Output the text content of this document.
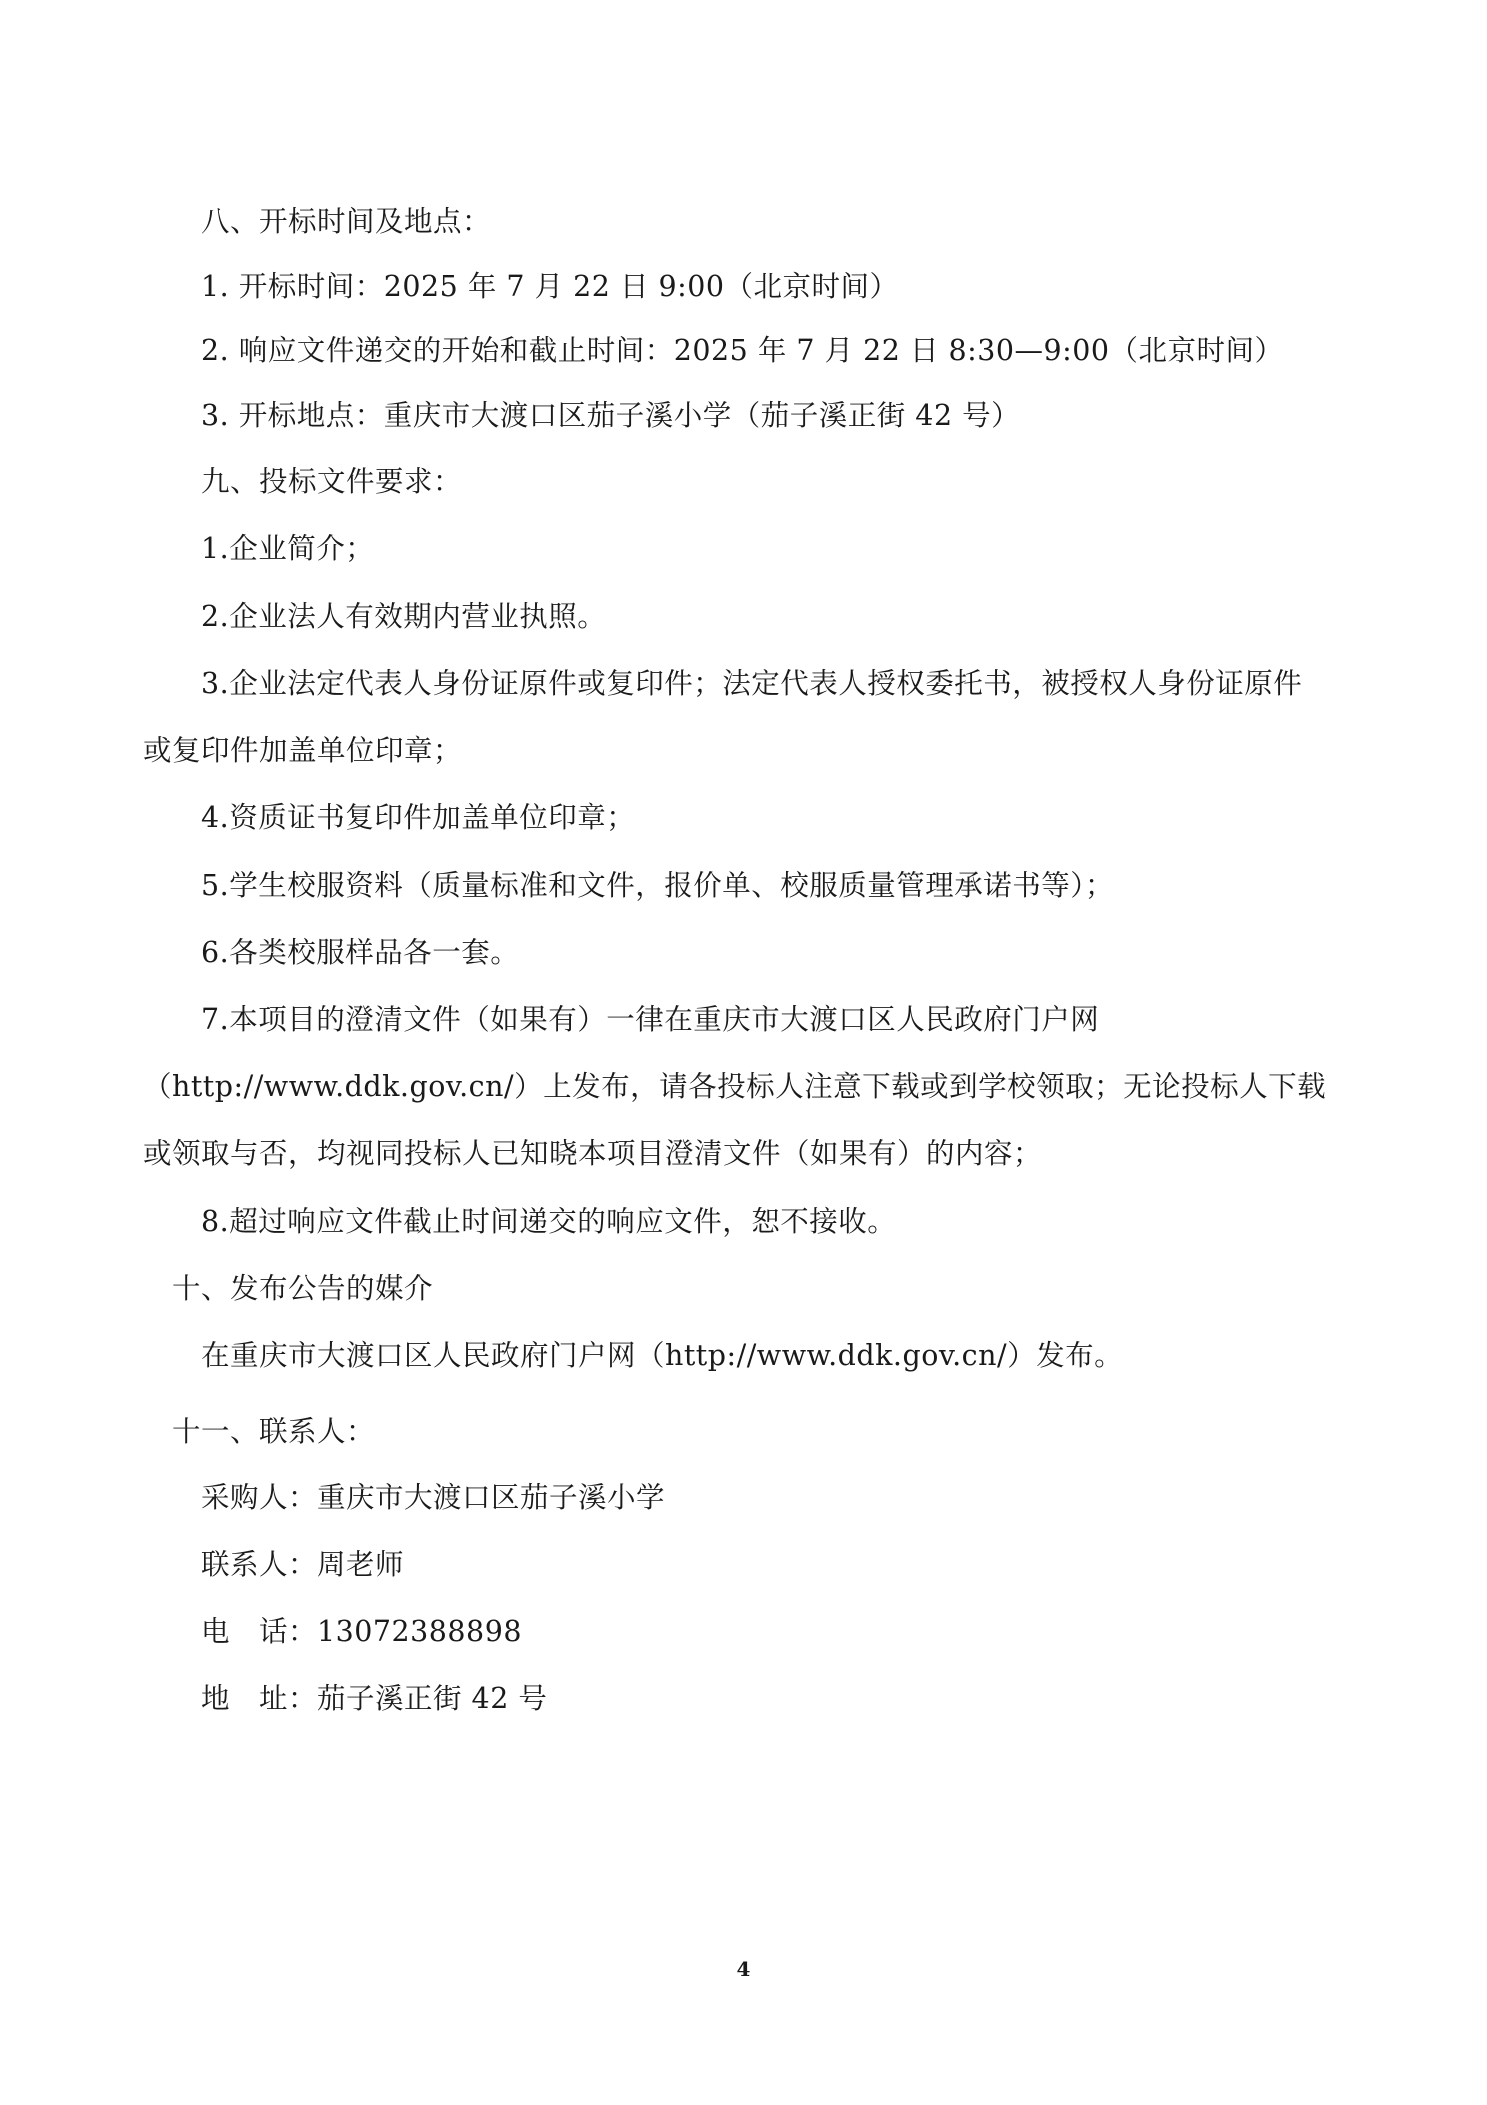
八、开标时间及地点：
1. 开标时间：2025 年 7 月 22 日 9:00（北京时间）
2. 响应文件递交的开始和截止时间：2025 年 7 月 22 日 8:30—9:00（北京时间）
3. 开标地点：重庆市大渡口区茄子溪小学（茄子溪正街 42 号）
九、投标文件要求：
1.企业简介；
2.企业法人有效期内营业执照。
3.企业法定代表人身份证原件或复印件；法定代表人授权委托书，被授权人身份证原件
或复印件加盖单位印章；
4.资质证书复印件加盖单位印章；
5.学生校服资料（质量标准和文件，报价单、校服质量管理承诺书等）；
6.各类校服样品各一套。
7.本项目的澄清文件（如果有）一律在重庆市大渡口区人民政府门户网
（http://www.ddk.gov.cn/）上发布，请各投标人注意下载或到学校领取；无论投标人下载
或领取与否，均视同投标人已知晓本项目澄清文件（如果有）的内容；
8.超过响应文件截止时间递交的响应文件，恕不接收。
十、发布公告的媒介
在重庆市大渡口区人民政府门户网（http://www.ddk.gov.cn/）发布。
十一、联系人：
采购人：重庆市大渡口区茄子溪小学
联系人：周老师
电　话：13072388898
地　址：茄子溪正街 42 号
4
